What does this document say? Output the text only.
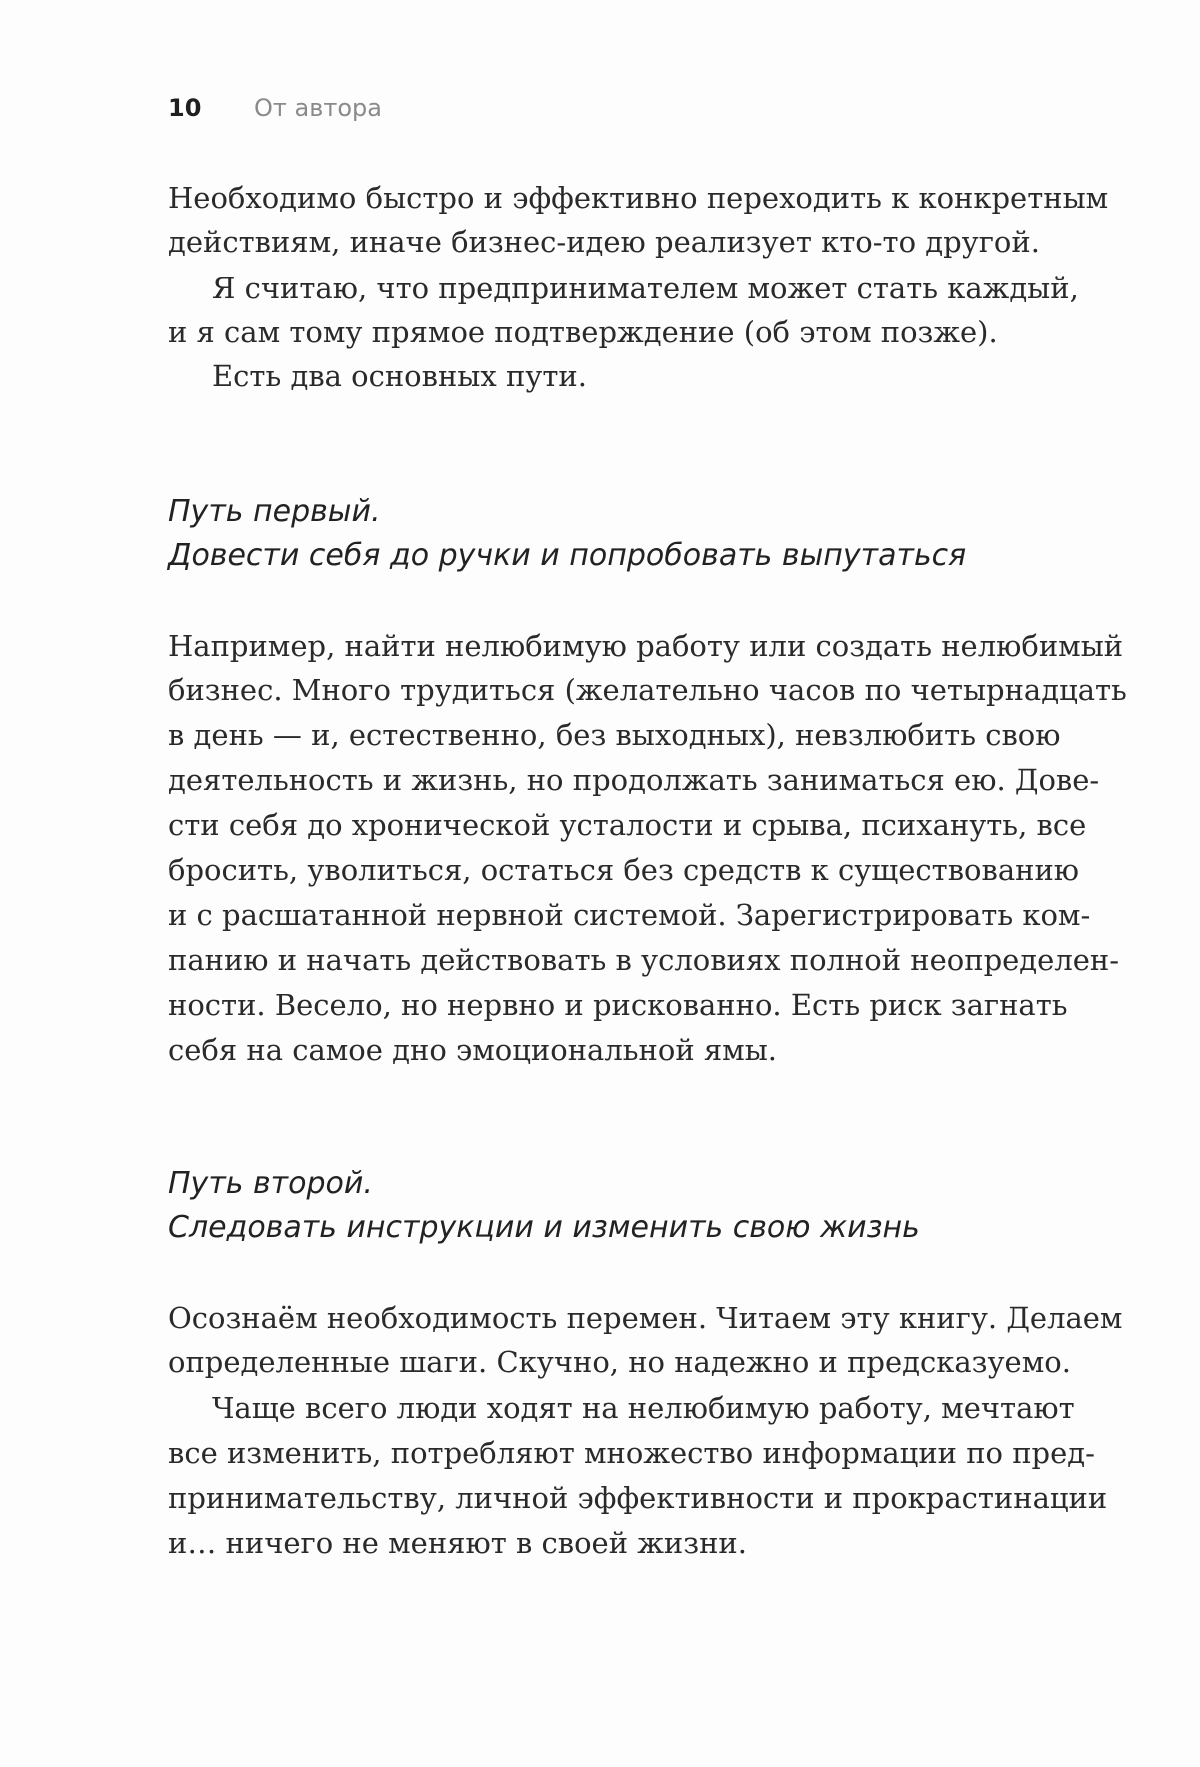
10 От автора
Необходимо быстро и эффективно переходить к конкретным
действиям, иначе бизнес-идею реализует кто-то другой.
Я считаю, что предпринимателем может стать каждый,
и я сам тому прямое подтверждение (об этом позже).
Есть два основных пути.
Путь первый.
Довести себя до ручки и попробовать выпутаться
Например, найти нелюбимую работу или создать нелюбимый
бизнес. Много трудиться (желательно часов по четырнадцать
в день — и, естественно, без выходных), невзлюбить свою
деятельность и жизнь, но продолжать заниматься ею. Дове-
сти себя до хронической усталости и срыва, психануть, все
бросить, уволиться, остаться без средств к существованию
и с расшатанной нервной системой. Зарегистрировать ком-
панию и начать действовать в условиях полной неопределен-
ности. Весело, но нервно и рискованно. Есть риск загнать
себя на самое дно эмоциональной ямы.
Путь второй.
Следовать инструкции и изменить свою жизнь
Осознаём необходимость перемен. Читаем эту книгу. Делаем
определенные шаги. Скучно, но надежно и предсказуемо.
Чаще всего люди ходят на нелюбимую работу, мечтают
все изменить, потребляют множество информации по пред-
принимательству, личной эффективности и прокрастинации
и… ничего не меняют в своей жизни.
